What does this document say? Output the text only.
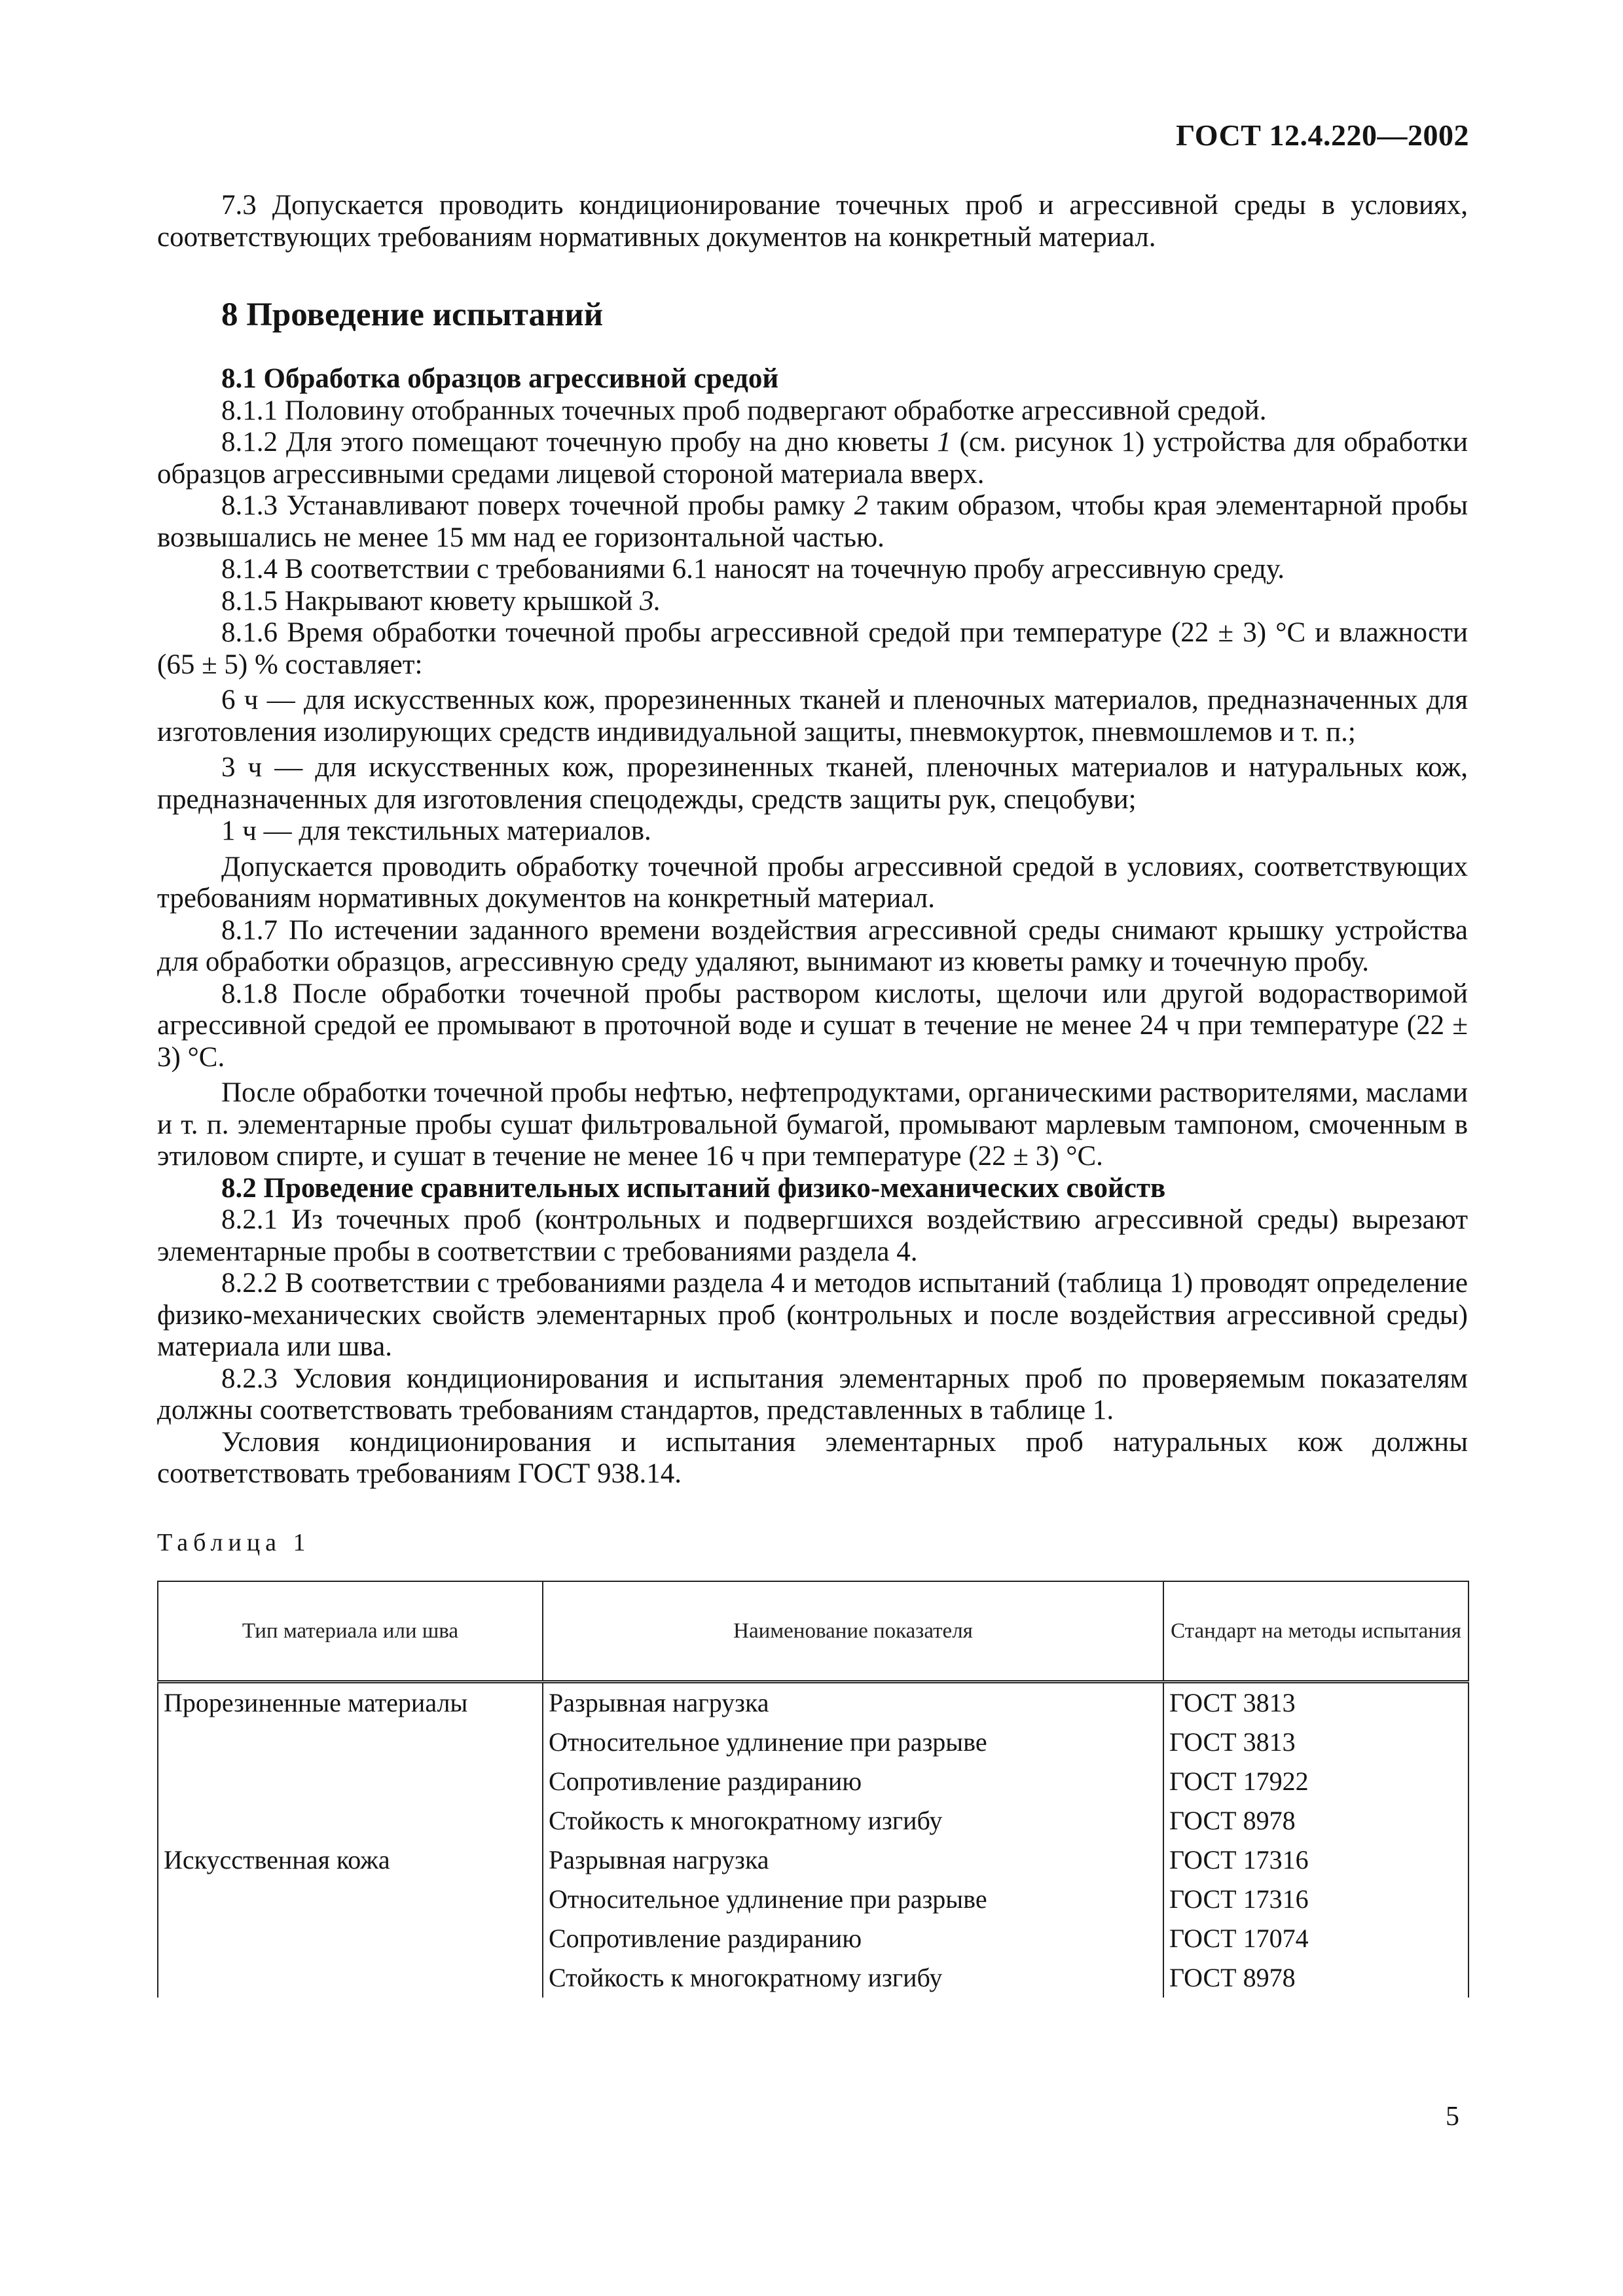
ГОСТ 12.4.220—2002

7.3 Допускается проводить кондиционирование точечных проб и агрессивной среды в условиях, соответствующих требованиям нормативных документов на конкретный материал.

8 Проведение испытаний
8.1 Обработка образцов агрессивной средой

8.1.1 Половину отобранных точечных проб подвергают обработке агрессивной средой.

8.1.2 Для этого помещают точечную пробу на дно кюветы 1 (см. рисунок 1) устройства для обработки образцов агрессивными средами лицевой стороной материала вверх.

8.1.3 Устанавливают поверх точечной пробы рамку 2 таким образом, чтобы края элементарной пробы возвышались не менее 15 мм над ее горизонтальной частью.

8.1.4 В соответствии с требованиями 6.1 наносят на точечную пробу агрессивную среду.

8.1.5 Накрывают кювету крышкой 3.

8.1.6 Время обработки точечной пробы агрессивной средой при температуре (22 ± 3) °С и влажности (65 ± 5) % составляет:

6 ч — для искусственных кож, прорезиненных тканей и пленочных материалов, предназначенных для изготовления изолирующих средств индивидуальной защиты, пневмокурток, пневмошлемов и т. п.;

3 ч — для искусственных кож, прорезиненных тканей, пленочных материалов и натуральных кож, предназначенных для изготовления спецодежды, средств защиты рук, спецобуви;

1 ч — для текстильных материалов.

Допускается проводить обработку точечной пробы агрессивной средой в условиях, соответствующих требованиям нормативных документов на конкретный материал.

8.1.7 По истечении заданного времени воздействия агрессивной среды снимают крышку устройства для обработки образцов, агрессивную среду удаляют, вынимают из кюветы рамку и точечную пробу.

8.1.8 После обработки точечной пробы раствором кислоты, щелочи или другой водорастворимой агрессивной средой ее промывают в проточной воде и сушат в течение не менее 24 ч при температуре (22 ± 3) °С.

После обработки точечной пробы нефтью, нефтепродуктами, органическими растворителями, маслами и т. п. элементарные пробы сушат фильтровальной бумагой, промывают марлевым тампоном, смоченным в этиловом спирте, и сушат в течение не менее 16 ч при температуре (22 ± 3) °С.

8.2 Проведение сравнительных испытаний физико-механических свойств

8.2.1 Из точечных проб (контрольных и подвергшихся воздействию агрессивной среды) вырезают элементарные пробы в соответствии с требованиями раздела 4.

8.2.2 В соответствии с требованиями раздела 4 и методов испытаний (таблица 1) проводят определение физико-механических свойств элементарных проб (контрольных и после воздействия агрессивной среды) материала или шва.

8.2.3 Условия кондиционирования и испытания элементарных проб по проверяемым показателям должны соответствовать требованиям стандартов, представленных в таблице 1.

Условия кондиционирования и испытания элементарных проб натуральных кож должны соответствовать требованиям ГОСТ 938.14.

Таблица 1
Тип материала или шва	Наименование показателя	Стандарт на методы испытания
Прорезиненные материалы	Разрывная нагрузка	ГОСТ 3813
	Относительное удлинение при разрыве	ГОСТ 3813
	Сопротивление раздиранию	ГОСТ 17922
	Стойкость к многократному изгибу	ГОСТ 8978
Искусственная кожа	Разрывная нагрузка	ГОСТ 17316
	Относительное удлинение при разрыве	ГОСТ 17316
	Сопротивление раздиранию	ГОСТ 17074
	Стойкость к многократному изгибу	ГОСТ 8978
5
